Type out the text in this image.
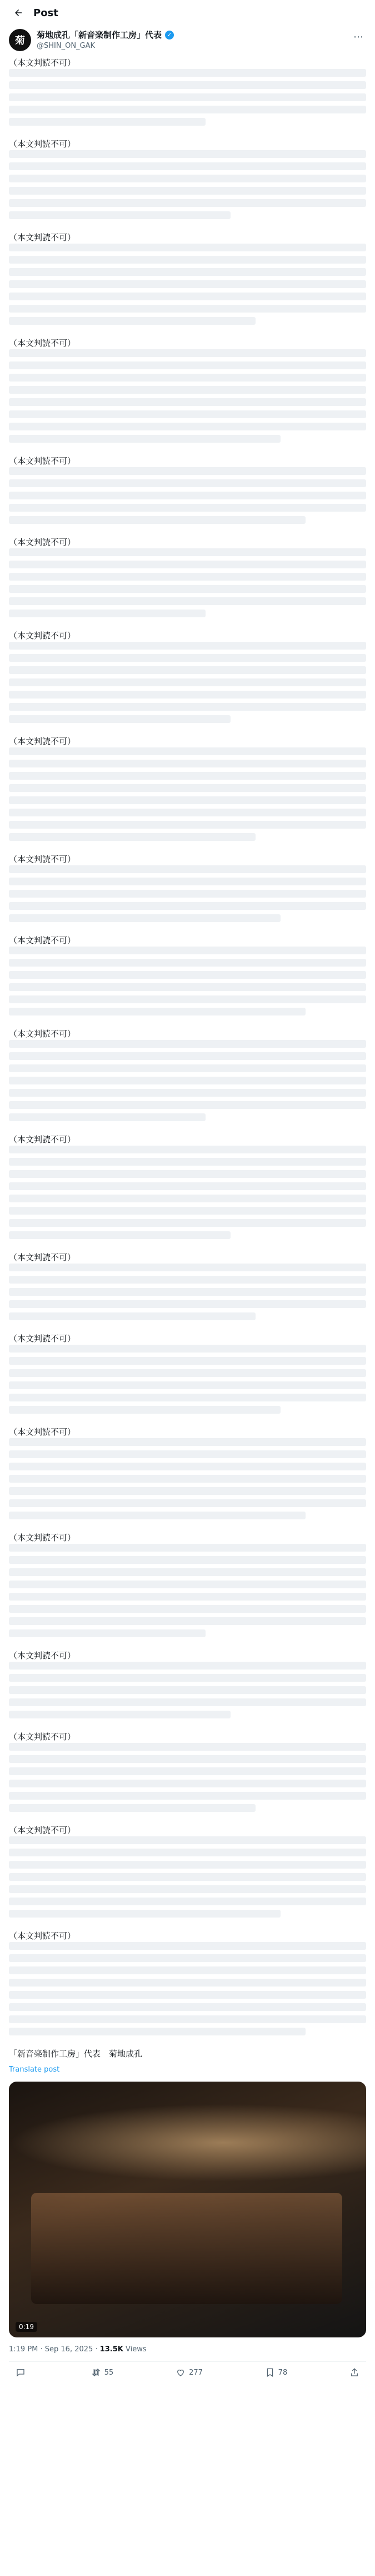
Post
菊	菊地成孔「新音楽制作工房」代表 ✓
@SHIN_ON_GAK
⋯
（本文判読不可）
（本文判読不可）
（本文判読不可）
（本文判読不可）
（本文判読不可）
（本文判読不可）
（本文判読不可）
（本文判読不可）
（本文判読不可）
（本文判読不可）
（本文判読不可）
（本文判読不可）
（本文判読不可）
（本文判読不可）
（本文判読不可）
（本文判読不可）
（本文判読不可）
（本文判読不可）
（本文判読不可）
（本文判読不可）
「新音楽制作工房」代表　菊地成孔
Translate post
0:19
1:19 PM · Sep 16, 2025 · 13.5K Views
55	277	78
